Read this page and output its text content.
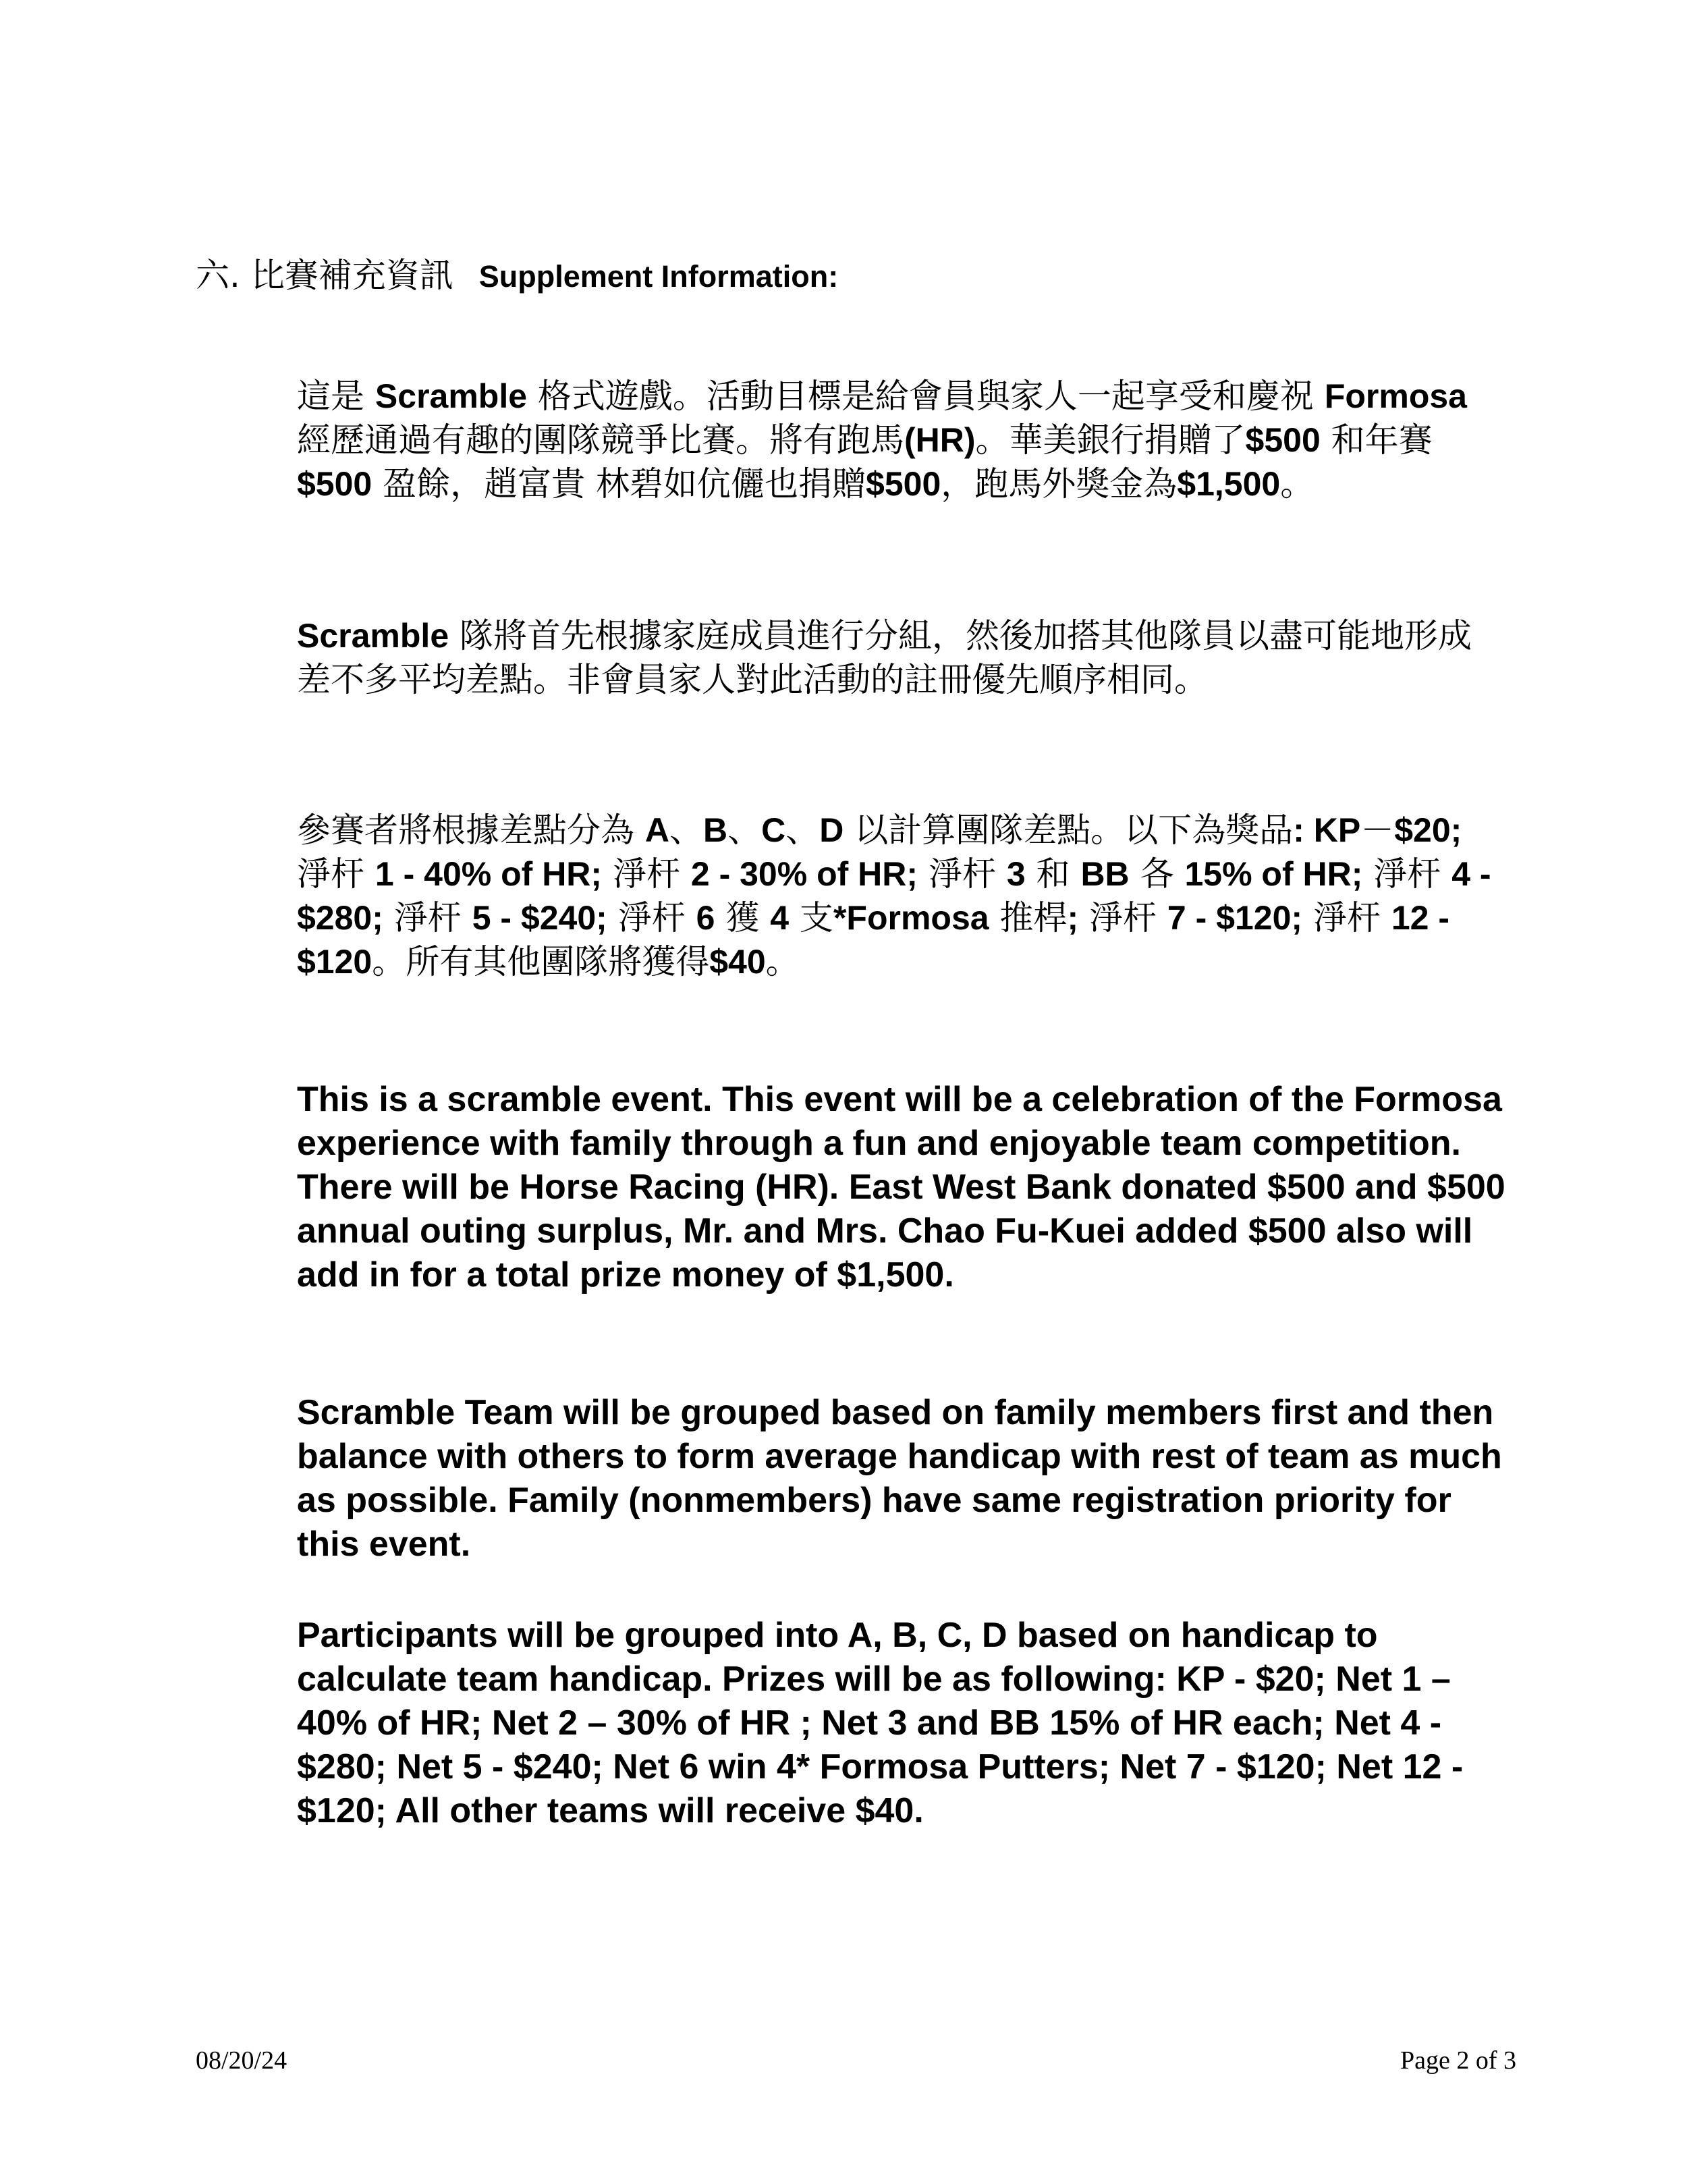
六. 比賽補充資訊 Supplement Information:

這是 Scramble 格式遊戲。活動目標是給會員與家人一起享受和慶祝 Formosa 經歷通過有趣的團隊競爭比賽。將有跑馬(HR)。華美銀行捐贈了$500 和年賽$500 盈餘，趙富貴 林碧如伉儷也捐贈$500，跑馬外獎金為$1,500。

Scramble 隊將首先根據家庭成員進行分組，然後加搭其他隊員以盡可能地形成差不多平均差點。非會員家人對此活動的註冊優先順序相同。

參賽者將根據差點分為 A、B、C、D 以計算團隊差點。以下為獎品: KP－$20; 淨杆 1 - 40% of HR; 淨杆 2 - 30% of HR; 淨杆 3 和 BB 各 15% of HR; 淨杆 4 - $280; 淨杆 5 - $240; 淨杆 6 獲 4 支*Formosa 推桿; 淨杆 7 - $120; 淨杆 12 - $120。所有其他團隊將獲得$40。

This is a scramble event. This event will be a celebration of the Formosa experience with family through a fun and enjoyable team competition. There will be Horse Racing (HR). East West Bank donated $500 and $500 annual outing surplus, Mr. and Mrs. Chao Fu-Kuei added $500 also will add in for a total prize money of $1,500.

Scramble Team will be grouped based on family members first and then balance with others to form average handicap with rest of team as much as possible. Family (nonmembers) have same registration priority for this event.

Participants will be grouped into A, B, C, D based on handicap to calculate team handicap. Prizes will be as following: KP - $20; Net 1 – 40% of HR; Net 2 – 30% of HR ; Net 3 and BB 15% of HR each; Net 4 - $280; Net 5 - $240; Net 6 win 4* Formosa Putters; Net 7 - $120; Net 12 - $120; All other teams will receive $40.

08/20/24	Page 2 of 3
